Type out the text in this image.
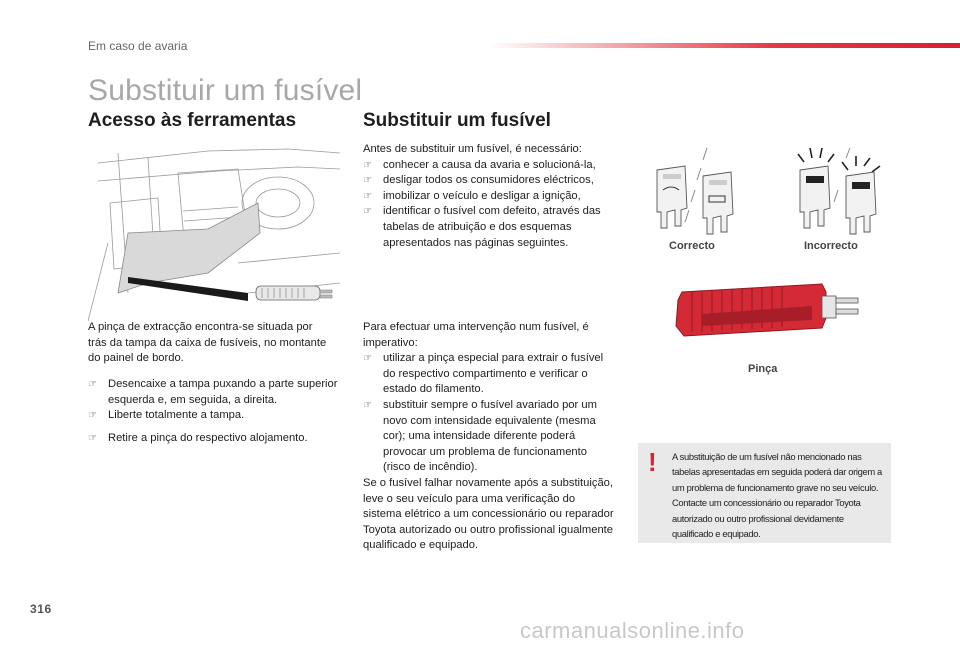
Em caso de avaria
Substituir um fusível
Acesso às ferramentas
A pinça de extracção encontra-se situada por trás da tampa da caixa de fusíveis, no montante do painel de bordo.
☞ Desencaixe a tampa puxando a parte superior esquerda e, em seguida, a direita.
☞ Liberte totalmente a tampa.
☞ Retire a pinça do respectivo alojamento.
Substituir um fusível
Antes de substituir um fusível, é necessário:
☞ conhecer a causa da avaria e solucioná-la,
☞ desligar todos os consumidores eléctricos,
☞ imobilizar o veículo e desligar a ignição,
☞ identificar o fusível com defeito, através das tabelas de atribuição e dos esquemas apresentados nas páginas seguintes.
Para efectuar uma intervenção num fusível, é imperativo:
☞ utilizar a pinça especial para extrair o fusível do respectivo compartimento e verificar o estado do filamento.
☞ substituir sempre o fusível avariado por um novo com intensidade equivalente (mesma cor); uma intensidade diferente poderá provocar um problema de funcionamento (risco de incêndio).
Se o fusível falhar novamente após a substituição, leve o seu veículo para uma verificação do sistema elétrico a um concessionário ou reparador Toyota autorizado ou outro profissional igualmente qualificado e equipado.
Correcto	Incorrecto
Pinça
! A substituição de um fusível não mencionado nas tabelas apresentadas em seguida poderá dar origem a um problema de funcionamento grave no seu veículo. Contacte um concessionário ou reparador Toyota autorizado ou outro profissional devidamente qualificado e equipado.
316
carmanualsonline.info
